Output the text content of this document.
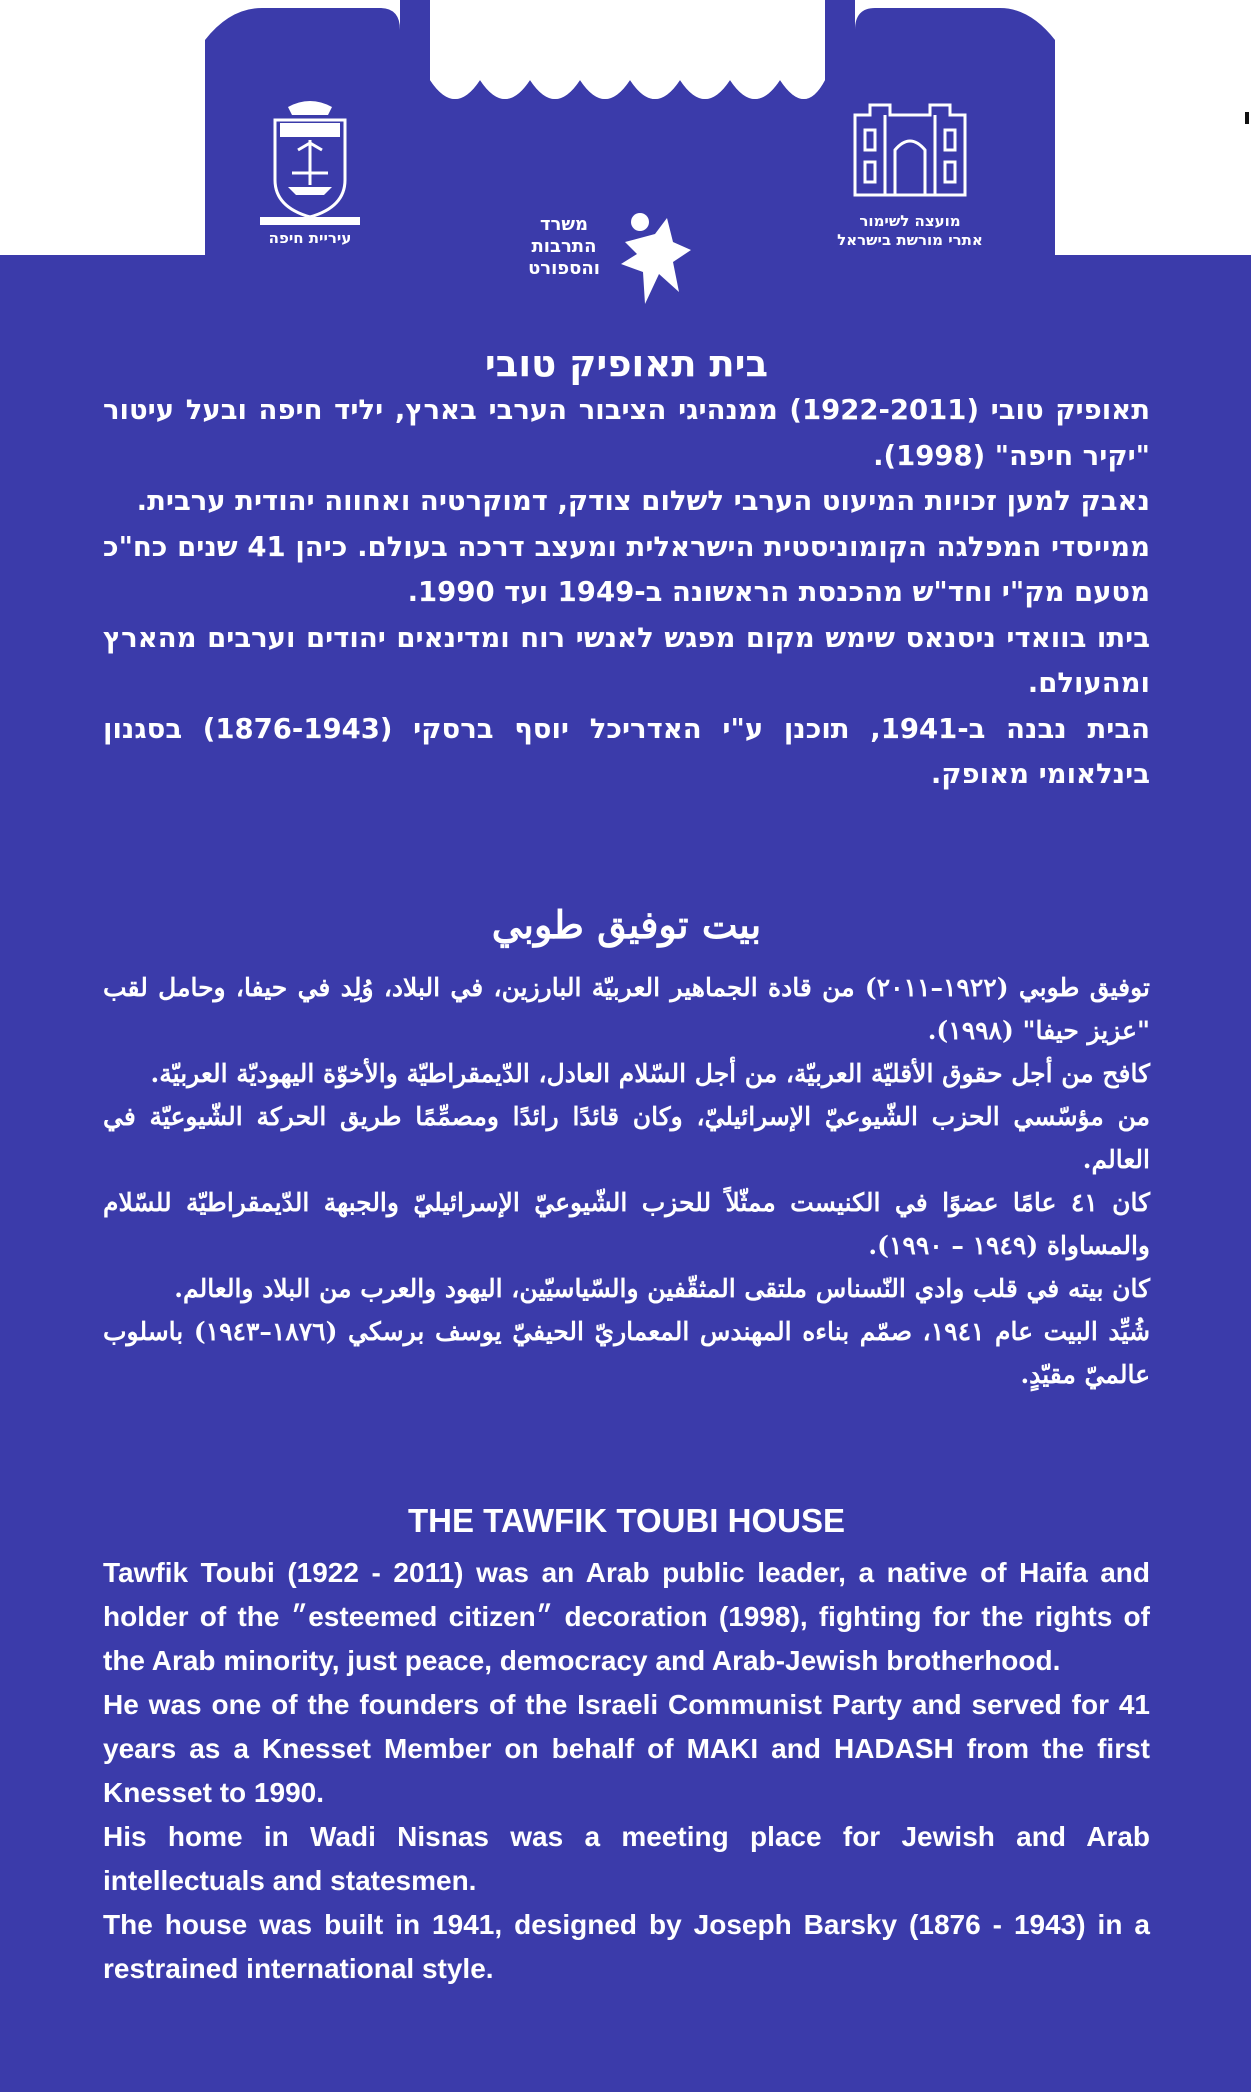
עיריית חיפה
משרד
התרבות
והספורט
מועצה לשימור
אתרי מורשת בישראל
בית תאופיק טובי

תאופיק טובי (1922-2011) ממנהיגי הציבור הערבי בארץ, יליד חיפה ובעל עיטור "יקיר חיפה" (1998).

נאבק למען זכויות המיעוט הערבי לשלום צודק, דמוקרטיה ואחווה יהודית ערבית.

ממייסדי המפלגה הקומוניסטית הישראלית ומעצב דרכה בעולם. כיהן 41 שנים כח"כ מטעם מק"י וחד"ש מהכנסת הראשונה ב-1949 ועד 1990.

ביתו בוואדי ניסנאס שימש מקום מפגש לאנשי רוח ומדינאים יהודים וערבים מהארץ ומהעולם.

הבית נבנה ב-1941, תוכנן ע"י האדריכל יוסף ברסקי (1876-1943) בסגנון בינלאומי מאופק.

بيت توفيق طوبي

توفيق طوبي (١٩٢٢–٢٠١١) من قادة الجماهير العربيّة البارزين، في البلاد، وُلِد في حيفا، وحامل لقب "عزيز حيفا" (١٩٩٨).

كافح من أجل حقوق الأقليّة العربيّة، من أجل السّلام العادل، الدّيمقراطيّة والأخوّة اليهوديّة العربيّة.

من مؤسّسي الحزب الشّيوعيّ الإسرائيليّ، وكان قائدًا رائدًا ومصمِّمًا طريق الحركة الشّيوعيّة في العالم.

كان ٤١ عامًا عضوًا في الكنيست ممثّلاً للحزب الشّيوعيّ الإسرائيليّ والجبهة الدّيمقراطيّة للسّلام والمساواة (١٩٤٩ – ١٩٩٠).

كان بيته في قلب وادي النّسناس ملتقى المثقّفين والسّياسيّين، اليهود والعرب من البلاد والعالم.

شُيِّد البيت عام ١٩٤١، صمّم بناءه المهندس المعماريّ الحيفيّ يوسف برسكي (١٨٧٦–١٩٤٣) باسلوب عالميّ مقيّدٍ.

THE TAWFIK TOUBI HOUSE

Tawfik Toubi (1922 - 2011) was an Arab public leader, a native of Haifa and holder of the ״esteemed citizen״ decoration (1998), fighting for the rights of the Arab minority, just peace, democracy and Arab-Jewish brotherhood.

He was one of the founders of the Israeli Communist Party and served for 41 years as a Knesset Member on behalf of MAKI and HADASH from the first Knesset to 1990.

His home in Wadi Nisnas was a meeting place for Jewish and Arab intellectuals and statesmen.

The house was built in 1941, designed by Joseph Barsky (1876 - 1943) in a restrained international style.
